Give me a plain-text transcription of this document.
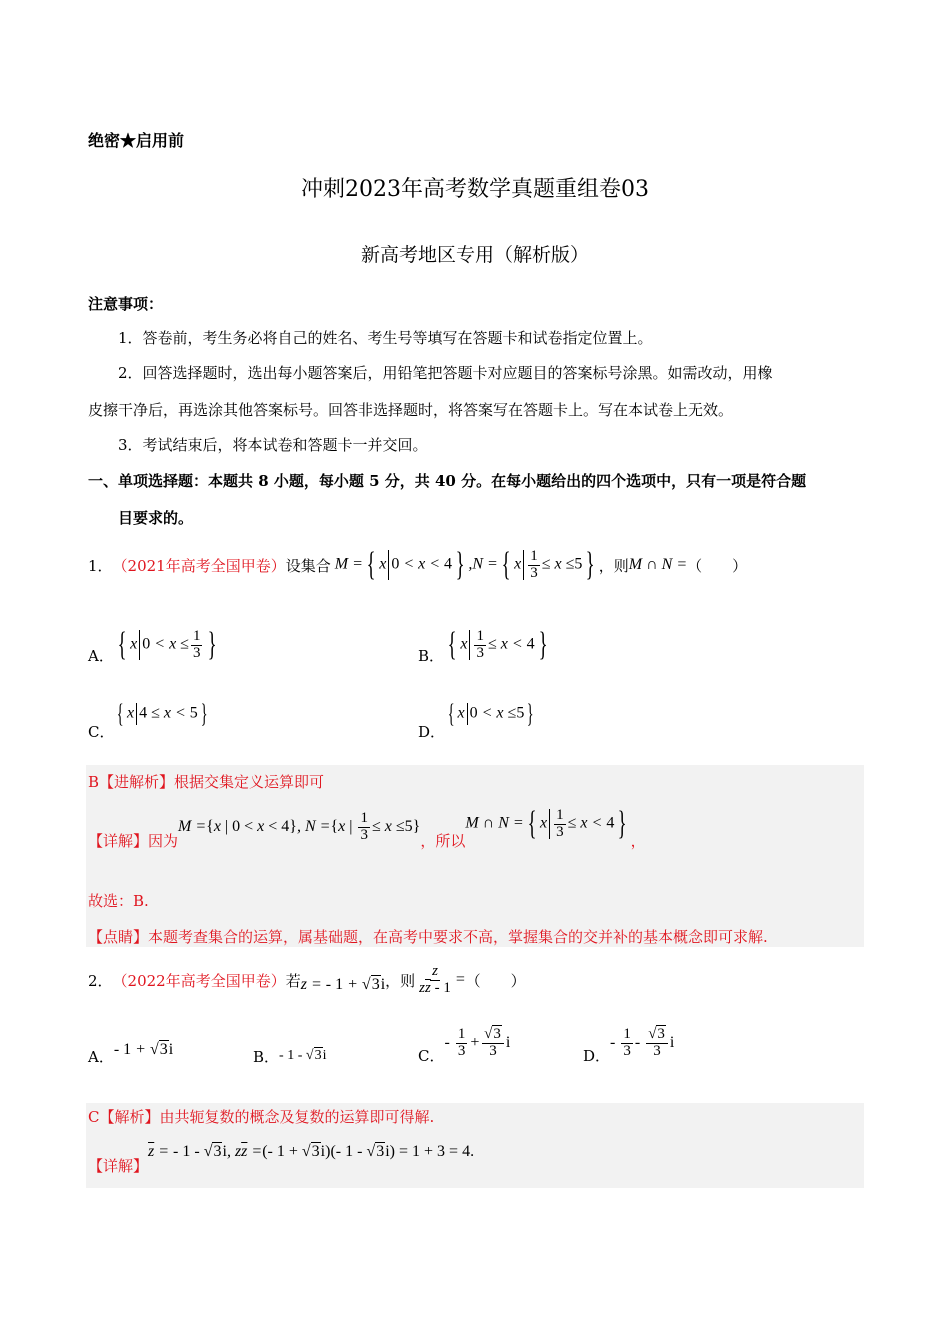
绝密★启用前
冲刺2023年高考数学真题重组卷03
新高考地区专用（解析版）
注意事项：
1．答卷前，考生务必将自己的姓名、考生号等填写在答题卡和试卷指定位置上。
2．回答选择题时，选出每小题答案后，用铅笔把答题卡对应题目的答案标号涂黑。如需改动，用橡
皮擦干净后，再选涂其他答案标号。回答非选择题时，将答案写在答题卡上。写在本试卷上无效。
3．考试结束后，将本试卷和答题卡一并交回。
一、单项选择题：本题共 8 小题，每小题 5 分，共 40 分。在每小题给出的四个选项中，只有一项是符合题
目要求的。
1． （2021年高考全国甲卷） 设集合 M = { x 0 < x < 4 } ,N = { x $\frac{1}{3} \le x \le 5$ } ，则 M ∩ N = （　　）
A． { x $0 < x \le \frac{1}{3}$ }	B． { x $\frac{1}{3} \le x < 4$ }
C．
{ x 4 ≤ x < 5 }
D．
{ x 0 < x ≤5 }
B【进解析】根据交集定义运算即可
【详解】因为
M ={x | 0 < x < 4}, N ={x | $\frac{1}{3} \le x \le 5$}
，所以
M ∩ N = { x $\frac{1}{3} \le x < 4$ } ，
故选：B.
【点睛】本题考查集合的运算，属基础题，在高考中要求不高，掌握集合的交并补的基本概念即可求解.
2． （2022年高考全国甲卷） 若 z = - 1 + √3i ，则 $\frac{z}{z\overline{z} - 1}$ = （　　）
A． - 1 + √3i	B． - 1 - √3i	C．
- $\frac{1}{3} + \frac{√3}{3}$ i
D．
- $\frac{1}{3} - \frac{√3}{3}$ i
C【解析】由共轭复数的概念及复数的运算即可得解.
【详解】
$\overline{z}$ = - 1 - √3i, $z\overline{z}$ =(- 1 + √3i)(- 1 - √3i) = 1 + 3 = 4.
